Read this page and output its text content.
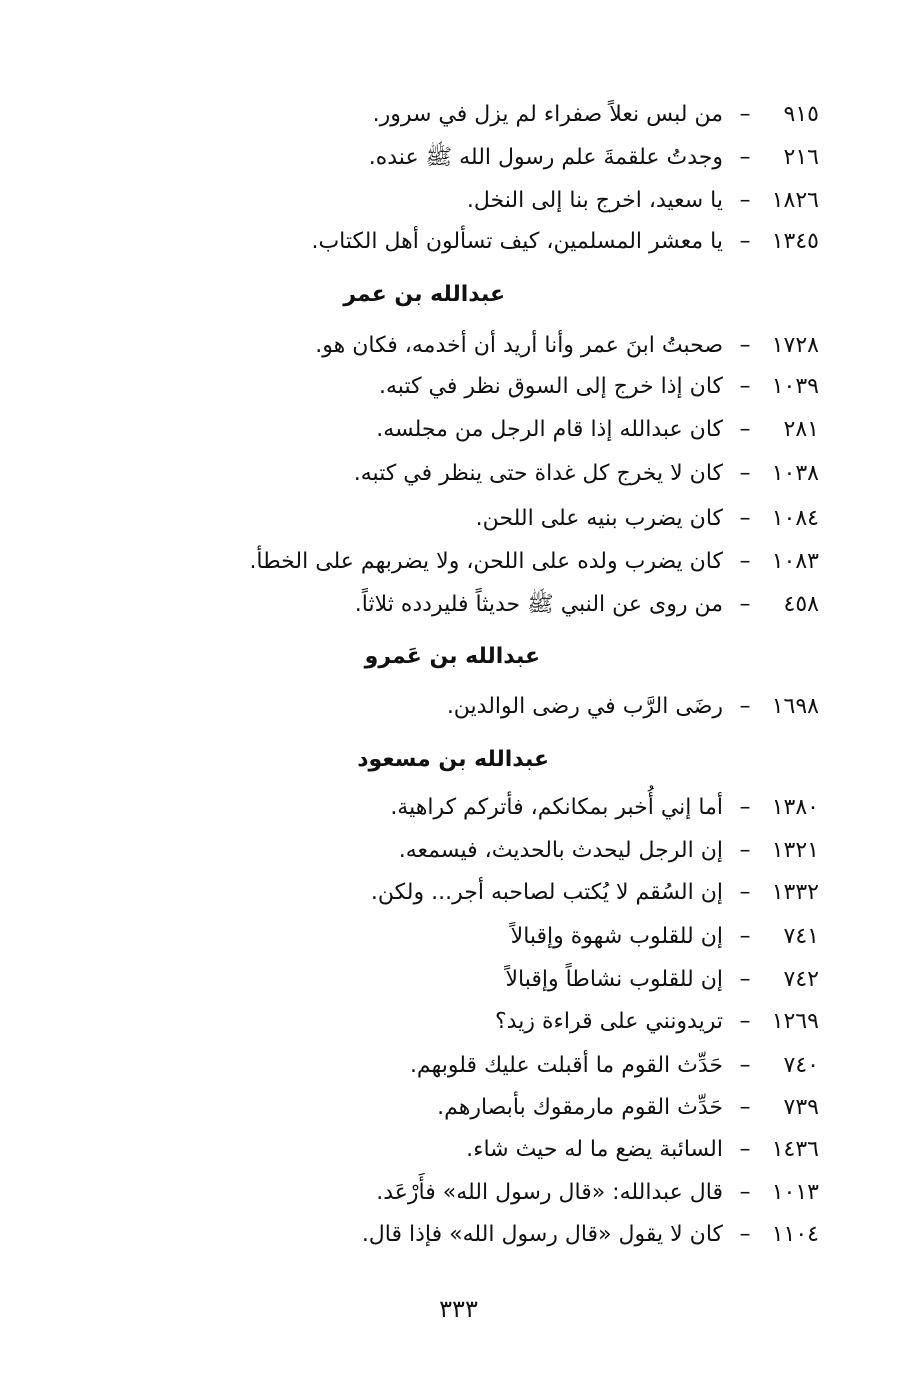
٩١٥ – من لبس نعلاً صفراء لم يزل في سرور.
٢١٦ – وجدتُ علقمةَ علم رسول الله ﷺ عنده.
١٨٢٦ – يا سعيد، اخرج بنا إلى النخل.
١٣٤٥ – يا معشر المسلمين، كيف تسألون أهل الكتاب.
عبدالله بن عمر
١٧٢٨ – صحبتُ ابنَ عمر وأنا أريد أن أخدمه، فكان هو.
١٠٣٩ – كان إذا خرج إلى السوق نظر في كتبه.
٢٨١ – كان عبدالله إذا قام الرجل من مجلسه.
١٠٣٨ – كان لا يخرج كل غداة حتى ينظر في كتبه.
١٠٨٤ – كان يضرب بنيه على اللحن.
١٠٨٣ – كان يضرب ولده على اللحن، ولا يضربهم على الخطأ.
٤٥٨ – من روى عن النبي ﷺ حديثاً فليردده ثلاثاً.
عبدالله بن عَمرو
١٦٩٨ – رضَى الرَّب في رضى الوالدين.
عبدالله بن مسعود
١٣٨٠ – أما إني أُخبر بمكانكم، فأتركم كراهية.
١٣٢١ – إن الرجل ليحدث بالحديث، فيسمعه.
١٣٣٢ – إن السُقم لا يُكتب لصاحبه أجر... ولكن.
٧٤١ – إن للقلوب شهوة وإقبالاً
٧٤٢ – إن للقلوب نشاطاً وإقبالاً
١٢٦٩ – تريدونني على قراءة زيد؟
٧٤٠ – حَدِّث القوم ما أقبلت عليك قلوبهم.
٧٣٩ – حَدِّث القوم مارمقوك بأبصارهم.
١٤٣٦ – السائبة يضع ما له حيث شاء.
١٠١٣ – قال عبدالله: «قال رسول الله» فأَرْعَد.
١١٠٤ – كان لا يقول «قال رسول الله» فإذا قال.
٣٣٣
